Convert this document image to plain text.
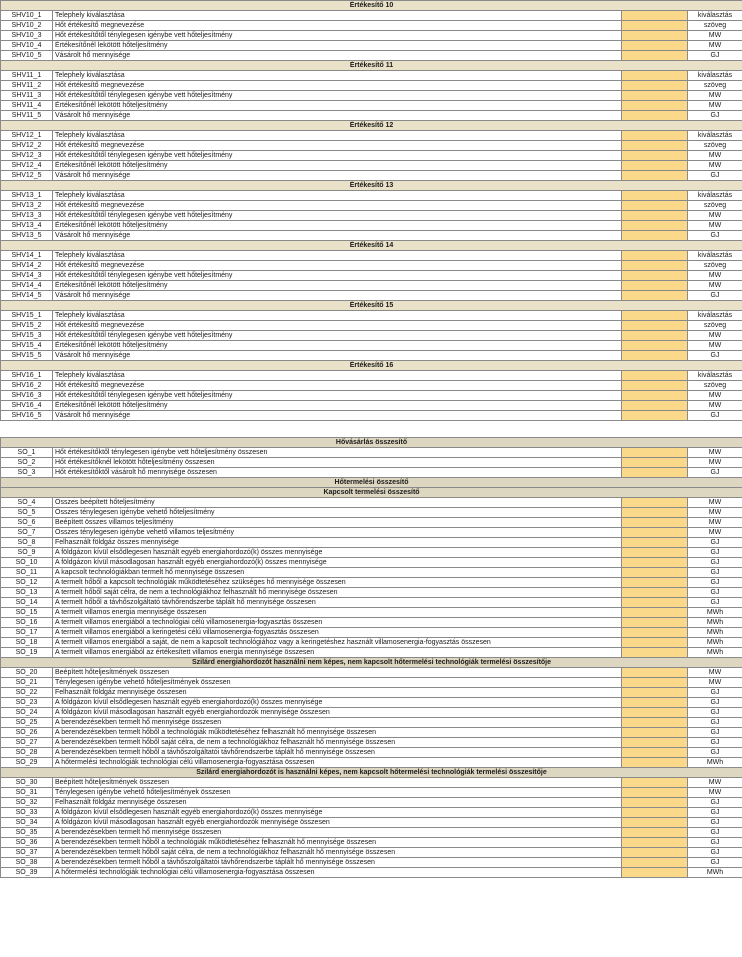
Értékesítő 10			
SHV10_1	Telephely kiválasztása		kiválasztás
SHV10_2	Hőt értékesítő megnevezése		szöveg
SHV10_3	Hőt értékesítőtől ténylegesen igénybe vett hőteljesítmény		MW
SHV10_4	Értékesítőnél lekötött hőteljesítmény		MW
SHV10_5	Vásárolt hő mennyisége		GJ
Értékesítő 11			
SHV11_1	Telephely kiválasztása		kiválasztás
SHV11_2	Hőt értékesítő megnevezése		szöveg
SHV11_3	Hőt értékesítőtől ténylegesen igénybe vett hőteljesítmény		MW
SHV11_4	Értékesítőnél lekötött hőteljesítmény		MW
SHV11_5	Vásárolt hő mennyisége		GJ
Értékesítő 12			
SHV12_1	Telephely kiválasztása		kiválasztás
SHV12_2	Hőt értékesítő megnevezése		szöveg
SHV12_3	Hőt értékesítőtől ténylegesen igénybe vett hőteljesítmény		MW
SHV12_4	Értékesítőnél lekötött hőteljesítmény		MW
SHV12_5	Vásárolt hő mennyisége		GJ
Értékesítő 13			
SHV13_1	Telephely kiválasztása		kiválasztás
SHV13_2	Hőt értékesítő megnevezése		szöveg
SHV13_3	Hőt értékesítőtől ténylegesen igénybe vett hőteljesítmény		MW
SHV13_4	Értékesítőnél lekötött hőteljesítmény		MW
SHV13_5	Vásárolt hő mennyisége		GJ
Értékesítő 14			
SHV14_1	Telephely kiválasztása		kiválasztás
SHV14_2	Hőt értékesítő megnevezése		szöveg
SHV14_3	Hőt értékesítőtől ténylegesen igénybe vett hőteljesítmény		MW
SHV14_4	Értékesítőnél lekötött hőteljesítmény		MW
SHV14_5	Vásárolt hő mennyisége		GJ
Értékesítő 15			
SHV15_1	Telephely kiválasztása		kiválasztás
SHV15_2	Hőt értékesítő megnevezése		szöveg
SHV15_3	Hőt értékesítőtől ténylegesen igénybe vett hőteljesítmény		MW
SHV15_4	Értékesítőnél lekötött hőteljesítmény		MW
SHV15_5	Vásárolt hő mennyisége		GJ
Értékesítő 16			
SHV16_1	Telephely kiválasztása		kiválasztás
SHV16_2	Hőt értékesítő megnevezése		szöveg
SHV16_3	Hőt értékesítőtől ténylegesen igénybe vett hőteljesítmény		MW
SHV16_4	Értékesítőnél lekötött hőteljesítmény		MW
SHV16_5	Vásárolt hő mennyisége		GJ
Hővásárlás összesítő			
SÖ_1	Hőt értékesítőktől ténylegesen igénybe vett hőteljesítmény összesen		MW
SÖ_2	Hőt értékesítőknél lekötött hőteljesítmény összesen		MW
SÖ_3	Hőt értékesítőktől vásárolt hő mennyisége összesen		GJ
Hőtermelési összesítő			
Kapcsolt termelési összesítő			
SÖ_4	Összes beépített hőteljesítmény		MW
SÖ_5	Összes ténylegesen igénybe vehető hőteljesítmény		MW
SÖ_6	Beépített összes villamos teljesítmény		MW
SÖ_7	Összes ténylegesen igénybe vehető villamos teljesítmény		MW
SÖ_8	Felhasznált földgáz összes mennyisége		GJ
SÖ_9	A földgázon kívül elsődlegesen használt egyéb energiahordozó(k) összes mennyisége		GJ
SÖ_10	A földgázon kívül másodlagosan használt egyéb energiahordozó(k) összes mennyisége		GJ
SÖ_11	A kapcsolt technológiákban termelt hő mennyisége összesen		GJ
SÖ_12	A termelt hőből a kapcsolt technológiák működtetéséhez szükséges hő mennyisége összesen		GJ
SÖ_13	A termelt hőből saját célra, de nem a technológiákhoz felhasznált hő mennyisége összesen		GJ
SÖ_14	A termelt hőből a távhőszolgáltató távhőrendszerbe táplált hő mennyisége összesen		GJ
SÖ_15	A termelt villamos energia mennyisége összesen		MWh
SÖ_16	A termelt villamos energiából a technológiai célú villamosenergia-fogyasztás összesen		MWh
SÖ_17	A termelt villamos energiából a keringetési célú villamosenergia-fogyasztás összesen		MWh
SÖ_18	A termelt villamos energiából a saját, de nem a kapcsolt technológiához vagy a keringetéshez használt villamosenergia-fogyasztás összesen		MWh
SÖ_19	A termelt villamos energiából az értékesített villamos energia mennyisége összesen		MWh
Szilárd energiahordozót használni nem képes, nem kapcsolt hőtermelési technológiák termelési összesítője			
SÖ_20	Beépített hőteljesítmények összesen		MW
SÖ_21	Ténylegesen igénybe vehető hőteljesítmények összesen		MW
SÖ_22	Felhasznált földgáz mennyisége összesen		GJ
SÖ_23	A földgázon kívül elsődlegesen használt egyéb energiahordozó(k) összes mennyisége		GJ
SÖ_24	A földgázon kívül másodlagosan használt egyéb energiahordozók mennyisége összesen		GJ
SÖ_25	A berendezésekben termelt hő mennyisége összesen		GJ
SÖ_26	A berendezésekben termelt hőből a technológiák működtetéséhez felhasznált hő mennyisége összesen		GJ
SÖ_27	A berendezésekben termelt hőből saját célra, de nem a technológiákhoz felhasznált hő mennyisége összesen		GJ
SÖ_28	A berendezésekben termelt hőből a távhőszolgáltatói távhőrendszerbe táplált hő mennyisége összesen		GJ
SÖ_29	A hőtermelési technológiák technológiai célú villamosenergia-fogyasztása összesen		MWh
Szilárd energiahordozót is használni képes, nem kapcsolt hőtermelési technológiák termelési összesítője			
SÖ_30	Beépített hőteljesítmények összesen		MW
SÖ_31	Ténylegesen igénybe vehető hőteljesítmények összesen		MW
SÖ_32	Felhasznált földgáz mennyisége összesen		GJ
SÖ_33	A földgázon kívül elsődlegesen használt egyéb energiahordozó(k) összes mennyisége		GJ
SÖ_34	A földgázon kívül másodlagosan használt egyéb energiahordozók mennyisége összesen		GJ
SÖ_35	A berendezésekben termelt hő mennyisége összesen		GJ
SÖ_36	A berendezésekben termelt hőből a technológiák működtetéséhez felhasznált hő mennyisége összesen		GJ
SÖ_37	A berendezésekben termelt hőből saját célra, de nem a technológiákhoz felhasznált hő mennyisége összesen		GJ
SÖ_38	A berendezésekben termelt hőből a távhőszolgáltatói távhőrendszerbe táplált hő mennyisége összesen		GJ
SÖ_39	A hőtermelési technológiák technológiai célú villamosenergia-fogyasztása összesen		MWh
